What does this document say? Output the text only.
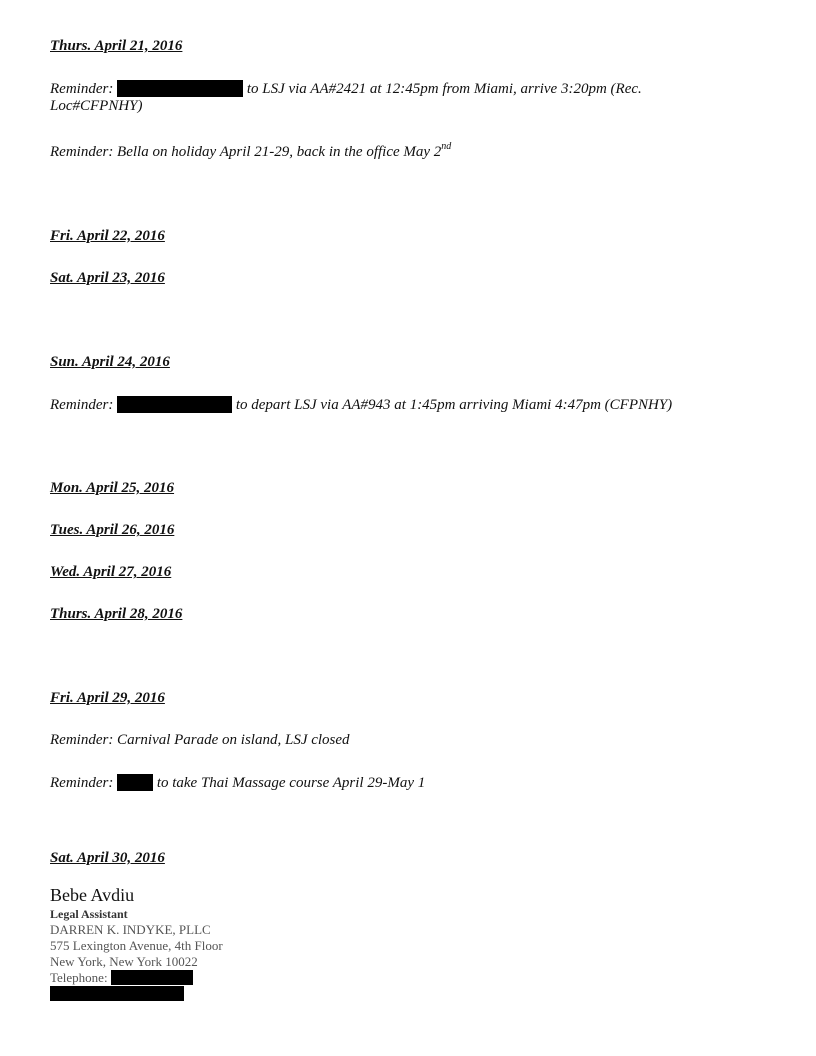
Thurs. April 21, 2016
Reminder:	to LSJ via AA#2421 at 12:45pm from Miami, arrive 3:20pm (Rec.
Loc#CFPNHY)
Reminder: Bella on holiday April 21-29, back in the office May 2nd
Fri. April 22, 2016
Sat. April 23, 2016
Sun. April 24, 2016
Reminder:	to depart LSJ via AA#943 at 1:45pm arriving Miami 4:47pm (CFPNHY)
Mon. April 25, 2016
Tues. April 26, 2016
Wed. April 27, 2016
Thurs. April 28, 2016
Fri. April 29, 2016
Reminder: Carnival Parade on island, LSJ closed
Reminder:	to take Thai Massage course April 29-May 1
Sat. April 30, 2016
Bebe Avdiu
Legal Assistant
DARREN K. INDYKE, PLLC
575 Lexington Avenue, 4th Floor
New York, New York 10022
Telephone:
